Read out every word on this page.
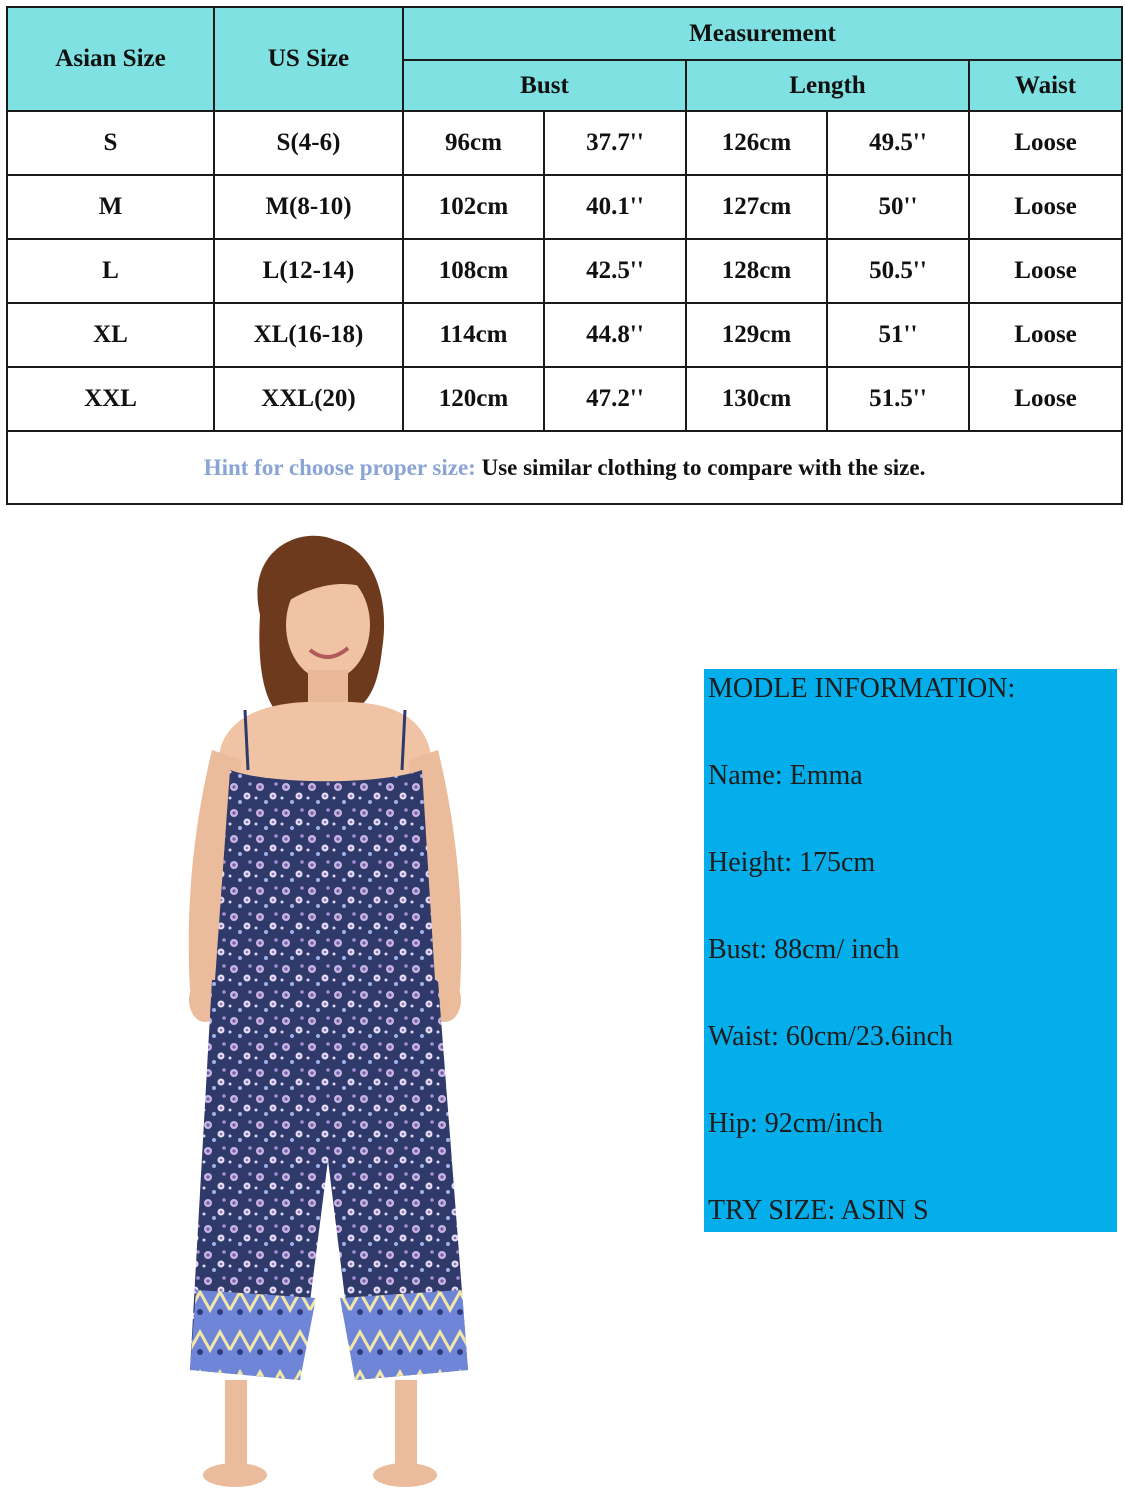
Asian Size	US Size	Measurement				
		Bust		Length		Waist
S	S(4-6)	96cm	37.7''	126cm	49.5''	Loose
M	M(8-10)	102cm	40.1''	127cm	50''	Loose
L	L(12-14)	108cm	42.5''	128cm	50.5''	Loose
XL	XL(16-18)	114cm	44.8''	129cm	51''	Loose
XXL	XXL(20)	120cm	47.2''	130cm	51.5''	Loose
Hint for choose proper size: Use similar clothing to compare with the size.						
MODLE INFORMATION:
Name: Emma
Height: 175cm
Bust: 88cm/ inch
Waist: 60cm/23.6inch
Hip: 92cm/inch
TRY SIZE: ASIN S
